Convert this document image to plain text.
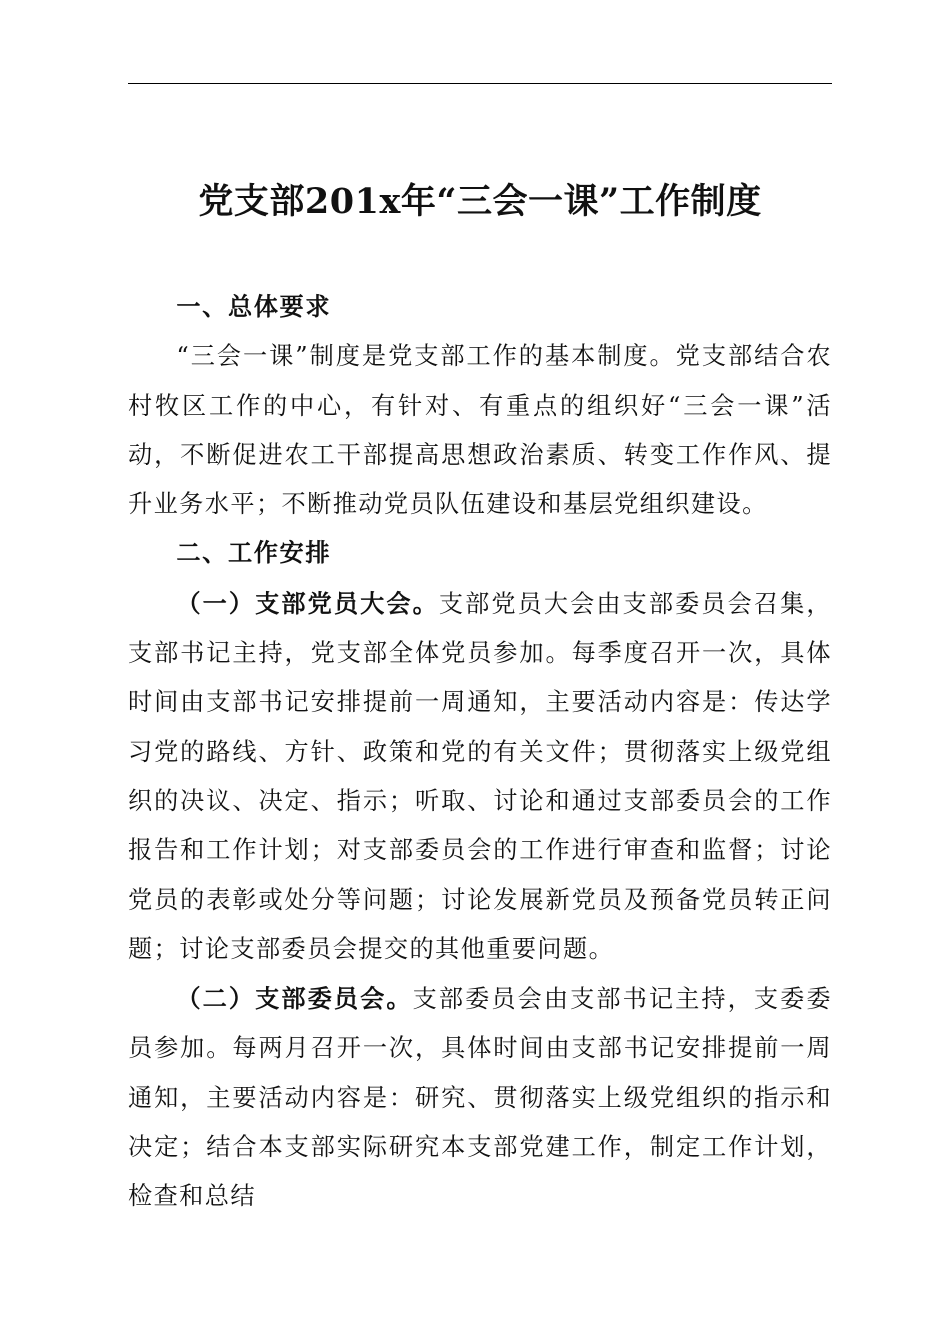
党支部201x年“三会一课”工作制度

一、总体要求

“三会一课”制度是党支部工作的基本制度。党支部结合农村牧区工作的中心，有针对、有重点的组织好“三会一课”活动，不断促进农工干部提高思想政治素质、转变工作作风、提升业务水平；不断推动党员队伍建设和基层党组织建设。

二、工作安排

（一）支部党员大会。支部党员大会由支部委员会召集，支部书记主持，党支部全体党员参加。每季度召开一次，具体时间由支部书记安排提前一周通知，主要活动内容是：传达学习党的路线、方针、政策和党的有关文件；贯彻落实上级党组织的决议、决定、指示；听取、讨论和通过支部委员会的工作报告和工作计划；对支部委员会的工作进行审查和监督；讨论党员的表彰或处分等问题；讨论发展新党员及预备党员转正问题；讨论支部委员会提交的其他重要问题。

（二）支部委员会。支部委员会由支部书记主持，支委委员参加。每两月召开一次，具体时间由支部书记安排提前一周通知，主要活动内容是：研究、贯彻落实上级党组织的指示和决定；结合本支部实际研究本支部党建工作，制定工作计划，检查和总结
